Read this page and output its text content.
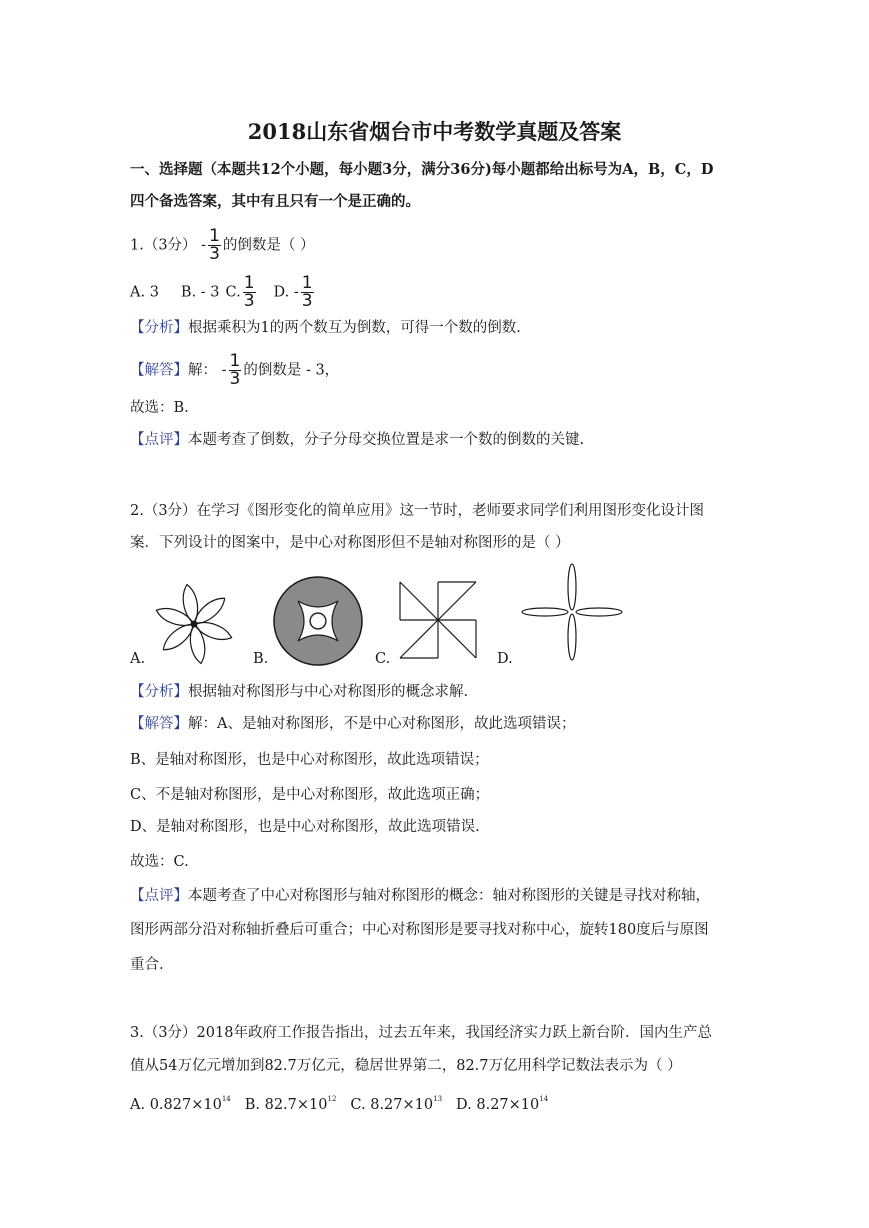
2018山东省烟台市中考数学真题及答案
一、选择题（本题共12个小题，每小题3分，满分36分)每小题都给出标号为A，B，C，D
四个备选答案，其中有且只有一个是正确的。
1.（3分） - $\frac{1}{3}$ 的倒数是（ ）
A. 3 B. - 3 C. $\frac{1}{3} D$. - $\frac{1}{3}$
【分析】根据乘积为1的两个数互为倒数，可得一个数的倒数.
【解答】解： - $\frac{1}{3}$ 的倒数是 - 3，
故选：B.
【点评】本题考查了倒数，分子分母交换位置是求一个数的倒数的关键.
2.（3分）在学习《图形变化的简单应用》这一节时，老师要求同学们利用图形变化设计图
案．下列设计的图案中，是中心对称图形但不是轴对称图形的是（ ）
A.	B.	C.	D.
【分析】根据轴对称图形与中心对称图形的概念求解.
【解答】解：A、是轴对称图形，不是中心对称图形，故此选项错误；
B、是轴对称图形，也是中心对称图形，故此选项错误；
C、不是轴对称图形，是中心对称图形，故此选项正确；
D、是轴对称图形，也是中心对称图形，故此选项错误.
故选：C.
【点评】本题考查了中心对称图形与轴对称图形的概念：轴对称图形的关键是寻找对称轴，
图形两部分沿对称轴折叠后可重合；中心对称图形是要寻找对称中心，旋转180度后与原图
重合.
3.（3分）2018年政府工作报告指出，过去五年来，我国经济实力跃上新台阶．国内生产总
值从54万亿元增加到82.7万亿元，稳居世界第二，82.7万亿用科学记数法表示为（ ）
A. $0.827\times 10^{14}$ B. $82.7\times 10^{12}$ C. $8.27\times 10^{13}$ D. $8.27\times 10^{14}$
